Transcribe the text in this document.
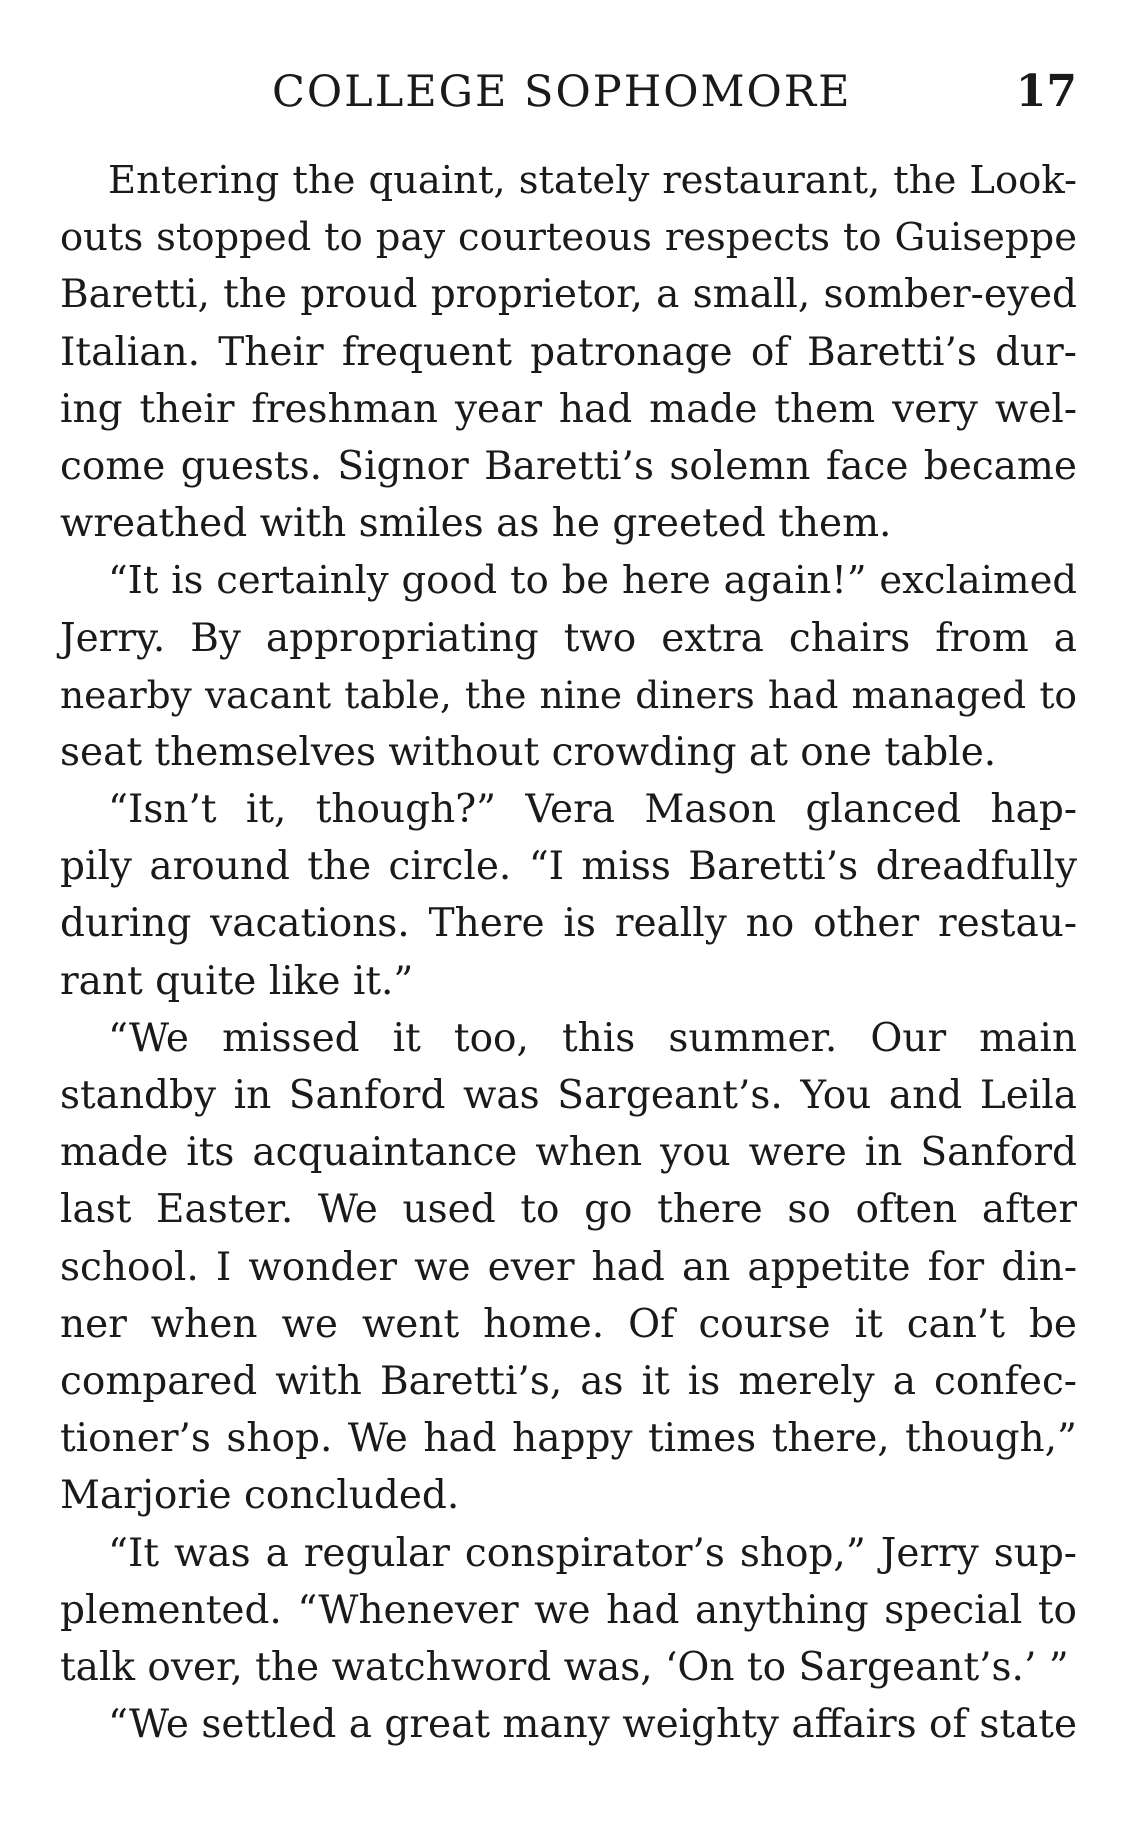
COLLEGE SOPHOMORE	17
Entering the quaint, stately restaurant, the Look-
outs stopped to pay courteous respects to Guiseppe
Baretti, the proud proprietor, a small, somber-eyed
Italian. Their frequent patronage of Baretti’s dur-
ing their freshman year had made them very wel-
come guests. Signor Baretti’s solemn face became
wreathed with smiles as he greeted them.
“It is certainly good to be here again!” exclaimed
Jerry. By appropriating two extra chairs from a
nearby vacant table, the nine diners had managed to
seat themselves without crowding at one table.
“Isn’t it, though?” Vera Mason glanced hap-
pily around the circle. “I miss Baretti’s dreadfully
during vacations. There is really no other restau-
rant quite like it.”
“We missed it too, this summer. Our main
standby in Sanford was Sargeant’s. You and Leila
made its acquaintance when you were in Sanford
last Easter. We used to go there so often after
school. I wonder we ever had an appetite for din-
ner when we went home. Of course it can’t be
compared with Baretti’s, as it is merely a confec-
tioner’s shop. We had happy times there, though,”
Marjorie concluded.
“It was a regular conspirator’s shop,” Jerry sup-
plemented. “Whenever we had anything special to
talk over, the watchword was, ‘On to Sargeant’s.’ ”
“We settled a great many weighty affairs of state
